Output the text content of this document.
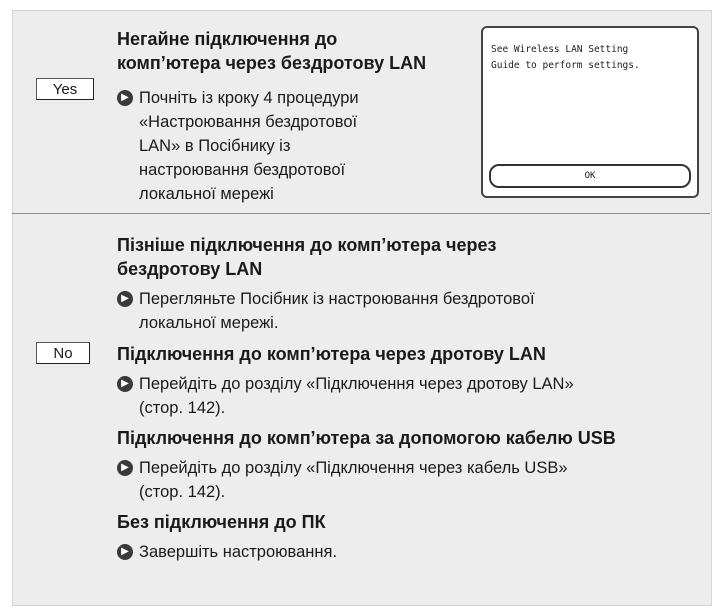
Yes
Негайне підключення до
комп’ютера через бездротову LAN
▶ Почніть із кроку 4 процедури
«Настроювання бездротової
LAN» в Посібнику із
настроювання бездротової
локальної мережі
See Wireless LAN Setting
Guide to perform settings.
OK
No
Пізніше підключення до комп’ютера через
бездротову LAN
▶ Перегляньте Посібник із настроювання бездротової
локальної мережі.
Підключення до комп’ютера через дротову LAN
▶ Перейдіть до розділу «Підключення через дротову LAN»
(стор. 142).
Підключення до комп’ютера за допомогою кабелю USB
▶ Перейдіть до розділу «Підключення через кабель USB»
(стор. 142).
Без підключення до ПК
▶ Завершіть настроювання.
